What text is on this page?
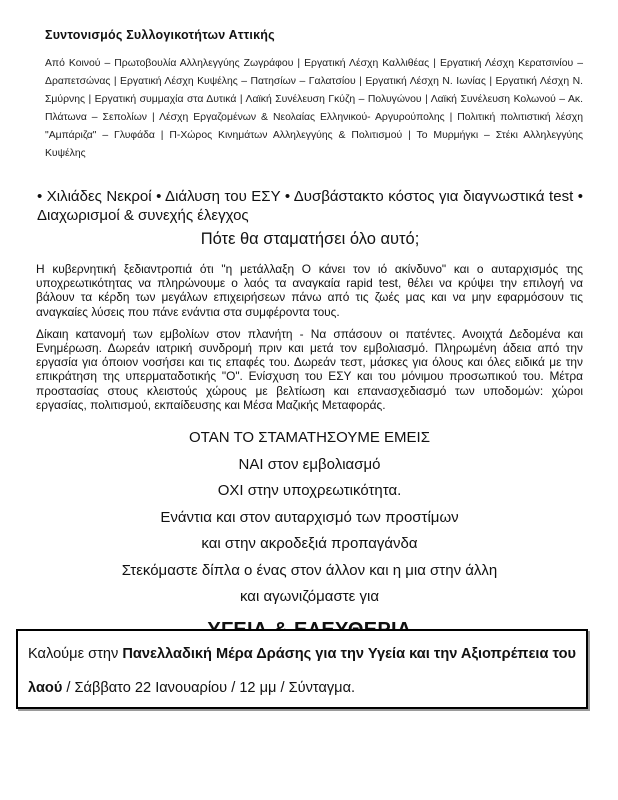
Συντονισμός Συλλογικοτήτων Αττικής
Από Κοινού – Πρωτοβουλία Αλληλεγγύης Ζωγράφου | Εργατική Λέσχη Καλλιθέας | Εργατική Λέσχη Κερατσινίου – Δραπετσώνας | Εργατική Λέσχη Κυψέλης – Πατησίων – Γαλατσίου | Εργατική Λέσχη Ν. Ιωνίας | Εργατική Λέσχη Ν. Σμύρνης | Εργατική συμμαχία στα Δυτικά | Λαϊκή Συνέλευση Γκύζη – Πολυγώνου | Λαϊκή Συνέλευση Κολωνού – Ακ. Πλάτωνα – Σεπολίων | Λέσχη Εργαζομένων & Νεολαίας Ελληνικού- Αργυρούπολης | Πολιτική πολιτιστική λέσχη "Αμπάριζα" – Γλυφάδα | Π-Χώρος Κινημάτων Αλληλεγγύης & Πολιτισμού | Το Μυρμήγκι – Στέκι Αλληλεγγύης Κυψέλης
• Χιλιάδες Νεκροί • Διάλυση του ΕΣΥ • Δυσβάστακτο κόστος για διαγνωστικά test • Διαχωρισμοί & συνεχής έλεγχος
Πότε θα σταματήσει όλο αυτό;

Η κυβερνητική ξεδιαντροπιά ότι "η μετάλλαξη Ο κάνει τον ιό ακίνδυνο" και ο αυταρχισμός της υποχρεωτικότητας να πληρώνουμε ο λαός τα αναγκαία rapid test, θέλει να κρύψει την επιλογή να βάλουν τα κέρδη των μεγάλων επιχειρήσεων πάνω από τις ζωές μας και να μην εφαρμόσουν τις αναγκαίες λύσεις που πάνε ενάντια στα συμφέροντα τους.

Δίκαιη κατανομή των εμβολίων στον πλανήτη - Να σπάσουν οι πατέντες. Ανοιχτά Δεδομένα και Ενημέρωση. Δωρεάν ιατρική συνδρομή πριν και μετά τον εμβολιασμό. Πληρωμένη άδεια από την εργασία για όποιον νοσήσει και τις επαφές του. Δωρεάν τεστ, μάσκες για όλους και όλες ειδικά με την επικράτηση της υπερματαδοτικής "Ο". Ενίσχυση του ΕΣΥ και του μόνιμου προσωπικού του. Μέτρα προστασίας στους κλειστούς χώρους με βελτίωση και επανασχεδιασμό των υποδομών: χώροι εργασίας, πολιτισμού, εκπαίδευσης και Μέσα Μαζικής Μεταφοράς.

ΟΤΑΝ ΤΟ ΣΤΑΜΑΤΗΣΟΥΜΕ ΕΜΕΙΣ
ΝΑΙ στον εμβολιασμό
ΟΧΙ στην υποχρεωτικότητα.
Ενάντια και στον αυταρχισμό των προστίμων
και στην ακροδεξιά προπαγάνδα
Στεκόμαστε δίπλα ο ένας στον άλλον και η μια στην άλλη
και αγωνιζόμαστε για
Καλούμε στην Πανελλαδική Μέρα Δράσης για την Υγεία και την Αξιοπρέπεια του λαού / Σάββατο 22 Ιανουαρίου / 12 μμ / Σύνταγμα.
